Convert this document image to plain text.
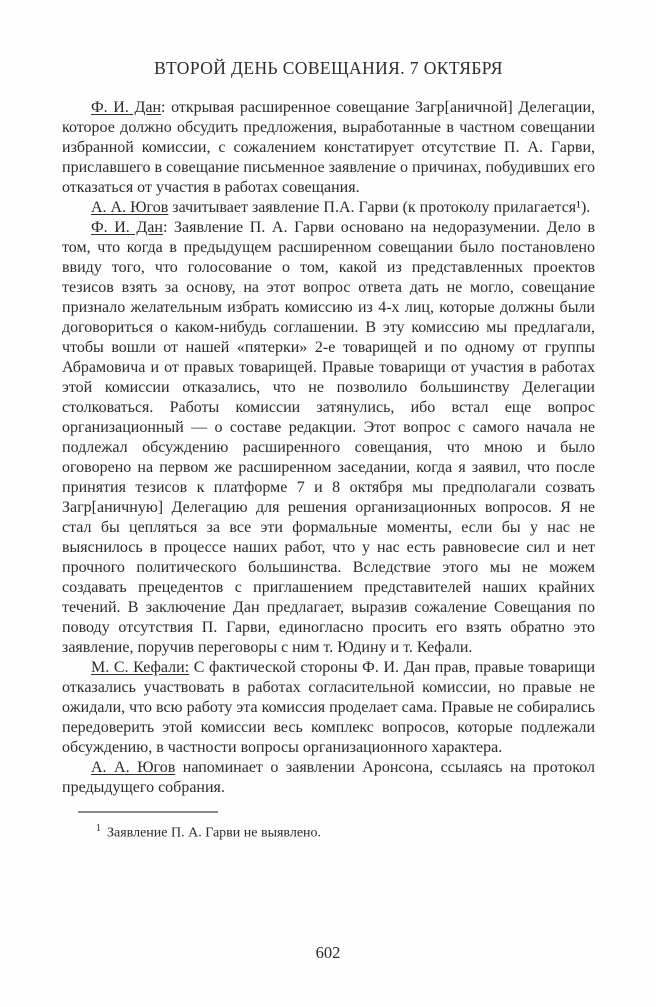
ВТОРОЙ ДЕНЬ СОВЕЩАНИЯ. 7 ОКТЯБРЯ

Ф. И. Дан: открывая расширенное совещание Загр[аничной] Делегации, которое должно обсудить предложения, выработанные в частном совещании избранной комиссии, с сожалением констатирует отсутствие П. А. Гарви, приславшего в совещание письменное заявление о причинах, побудивших его отказаться от участия в работах совещания.

А. А. Югов зачитывает заявление П.А. Гарви (к протоколу прилагается¹).

Ф. И. Дан: Заявление П. А. Гарви основано на недоразумении. Дело в том, что когда в предыдущем расширенном совещании было постановлено ввиду того, что голосование о том, какой из представленных проектов тезисов взять за основу, на этот вопрос ответа дать не могло, совещание признало желательным избрать комиссию из 4-х лиц, которые должны были договориться о каком-нибудь соглашении. В эту комиссию мы предлагали, чтобы вошли от нашей «пятерки» 2-е товарищей и по одному от группы Абрамовича и от правых товарищей. Правые товарищи от участия в работах этой комиссии отказались, что не позволило большинству Делегации столковаться. Работы комиссии затянулись, ибо встал еще вопрос организационный — о составе редакции. Этот вопрос с самого начала не подлежал обсуждению расширенного совещания, что мною и было оговорено на первом же расширенном заседании, когда я заявил, что после принятия тезисов к платформе 7 и 8 октября мы предполагали созвать Загр[аничную] Делегацию для решения организационных вопросов. Я не стал бы цепляться за все эти формальные моменты, если бы у нас не выяснилось в процессе наших работ, что у нас есть равновесие сил и нет прочного политического большинства. Вследствие этого мы не можем создавать прецедентов с приглашением представителей наших крайних течений. В заключение Дан предлагает, выразив сожаление Совещания по поводу отсутствия П. Гарви, единогласно просить его взять обратно это заявление, поручив переговоры с ним т. Юдину и т. Кефали.

М. С. Кефали: С фактической стороны Ф. И. Дан прав, правые товарищи отказались участвовать в работах согласительной комиссии, но правые не ожидали, что всю работу эта комиссия проделает сама. Правые не собирались передоверить этой комиссии весь комплекс вопросов, которые подлежали обсуждению, в частности вопросы организационного характера.

А. А. Югов напоминает о заявлении Аронсона, ссылаясь на протокол предыдущего собрания.

$^1$ Заявление П. А. Гарви не выявлено.

602
